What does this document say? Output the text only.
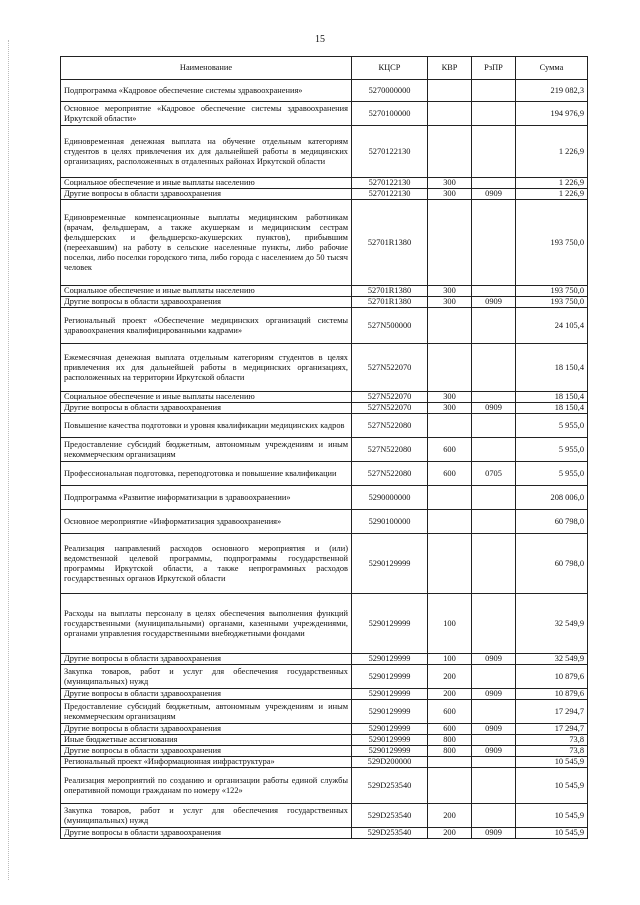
15
Наименование	КЦСР	КВР	РзПР	Сумма
Подпрограмма «Кадровое обеспечение системы здравоохранения»	5270000000			219 082,3
Основное мероприятие «Кадровое обеспечение системы здравоохранения Иркутской области»	5270100000			194 976,9
Единовременная денежная выплата на обучение отдельным категориям студентов в целях привлечения их для дальнейшей работы в медицинских организациях, расположенных в отдаленных районах Иркутской области	5270122130			1 226,9
Социальное обеспечение и иные выплаты населению	5270122130	300		1 226,9
Другие вопросы в области здравоохранения	5270122130	300	0909	1 226,9
Единовременные компенсационные выплаты медицинским работникам (врачам, фельдшерам, а также акушеркам и медицинским сестрам фельдшерских и фельдшерско-акушерских пунктов), прибывшим (переехавшим) на работу в сельские населенные пункты, либо рабочие поселки, либо поселки городского типа, либо города с населением до 50 тысяч человек	52701R1380			193 750,0
Социальное обеспечение и иные выплаты населению	52701R1380	300		193 750,0
Другие вопросы в области здравоохранения	52701R1380	300	0909	193 750,0
Региональный проект «Обеспечение медицинских организаций системы здравоохранения квалифицированными кадрами»	527N500000			24 105,4
Ежемесячная денежная выплата отдельным категориям студентов в целях привлечения их для дальнейшей работы в медицинских организациях, расположенных на территории Иркутской области	527N522070			18 150,4
Социальное обеспечение и иные выплаты населению	527N522070	300		18 150,4
Другие вопросы в области здравоохранения	527N522070	300	0909	18 150,4
Повышение качества подготовки и уровня квалификации медицинских кадров	527N522080			5 955,0
Предоставление субсидий бюджетным, автономным учреждениям и иным некоммерческим организациям	527N522080	600		5 955,0
Профессиональная подготовка, переподготовка и повышение квалификации	527N522080	600	0705	5 955,0
Подпрограмма «Развитие информатизации в здравоохранении»	5290000000			208 006,0
Основное мероприятие «Информатизация здравоохранения»	5290100000			60 798,0
Реализация направлений расходов основного мероприятия и (или) ведомственной целевой программы, подпрограммы государственной программы Иркутской области, а также непрограммных расходов государственных органов Иркутской области	5290129999			60 798,0
Расходы на выплаты персоналу в целях обеспечения выполнения функций государственными (муниципальными) органами, казенными учреждениями, органами управления государственными внебюджетными фондами	5290129999	100		32 549,9
Другие вопросы в области здравоохранения	5290129999	100	0909	32 549,9
Закупка товаров, работ и услуг для обеспечения государственных (муниципальных) нужд	5290129999	200		10 879,6
Другие вопросы в области здравоохранения	5290129999	200	0909	10 879,6
Предоставление субсидий бюджетным, автономным учреждениям и иным некоммерческим организациям	5290129999	600		17 294,7
Другие вопросы в области здравоохранения	5290129999	600	0909	17 294,7
Иные бюджетные ассигнования	5290129999	800		73,8
Другие вопросы в области здравоохранения	5290129999	800	0909	73,8
Региональный проект «Информационная инфраструктура»	529D200000			10 545,9
Реализация мероприятий по созданию и организации работы единой службы оперативной помощи гражданам по номеру «122»	529D253540			10 545,9
Закупка товаров, работ и услуг для обеспечения государственных (муниципальных) нужд	529D253540	200		10 545,9
Другие вопросы в области здравоохранения	529D253540	200	0909	10 545,9
